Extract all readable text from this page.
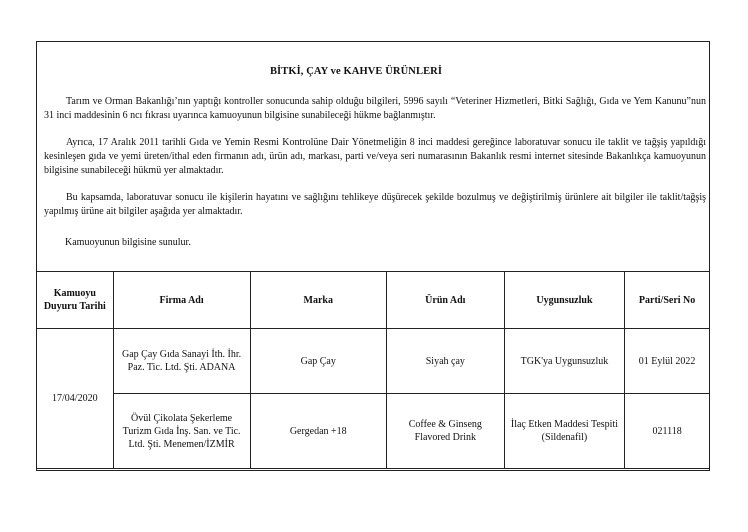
BİTKİ, ÇAY ve KAHVE ÜRÜNLERİ
Tarım ve Orman Bakanlığı’nın yaptığı kontroller sonucunda sahip olduğu bilgileri, 5996 sayılı “Veteriner Hizmetleri, Bitki Sağlığı, Gıda ve Yem Kanunu”nun 31 inci maddesinin 6 ncı fıkrası uyarınca kamuoyunun bilgisine sunabileceği hükme bağlanmıştır.
Ayrıca, 17 Aralık 2011 tarihli Gıda ve Yemin Resmi Kontrolüne Dair Yönetmeliğin 8 inci maddesi gereğince laboratuvar sonucu ile taklit ve tağşiş yapıldığı kesinleşen gıda ve yemi üreten/ithal eden firmanın adı, ürün adı, markası, parti ve/veya seri numarasının Bakanlık resmi internet sitesinde Bakanlıkça kamuoyunun bilgisine sunabileceği hükmü yer almaktadır.
Bu kapsamda, laboratuvar sonucu ile kişilerin hayatını ve sağlığını tehlikeye düşürecek şekilde bozulmuş ve değiştirilmiş ürünlere ait bilgiler ile taklit/tağşiş yapılmış ürüne ait bilgiler aşağıda yer almaktadır.
Kamuoyu Duyuru Tarihi	Firma Adı	Marka	Ürün Adı	Uygunsuzluk	Parti/Seri No
17/04/2020	Gap Çay Gıda Sanayi İth. İhr. Paz. Tic. Ltd. Şti. ADANA	Gap Çay	Siyah çay	TGK'ya Uygunsuzluk	01 Eylül 2022
	Övül Çikolata Şekerleme Turizm Gıda İnş. San. ve Tic. Ltd. Şti. Menemen/İZMİR	Gergedan +18	Coffee & Ginseng Flavored Drink	İlaç Etken Maddesi Tespiti (Sildenafil)	021118
Kamuoyunun bilgisine sunulur.
